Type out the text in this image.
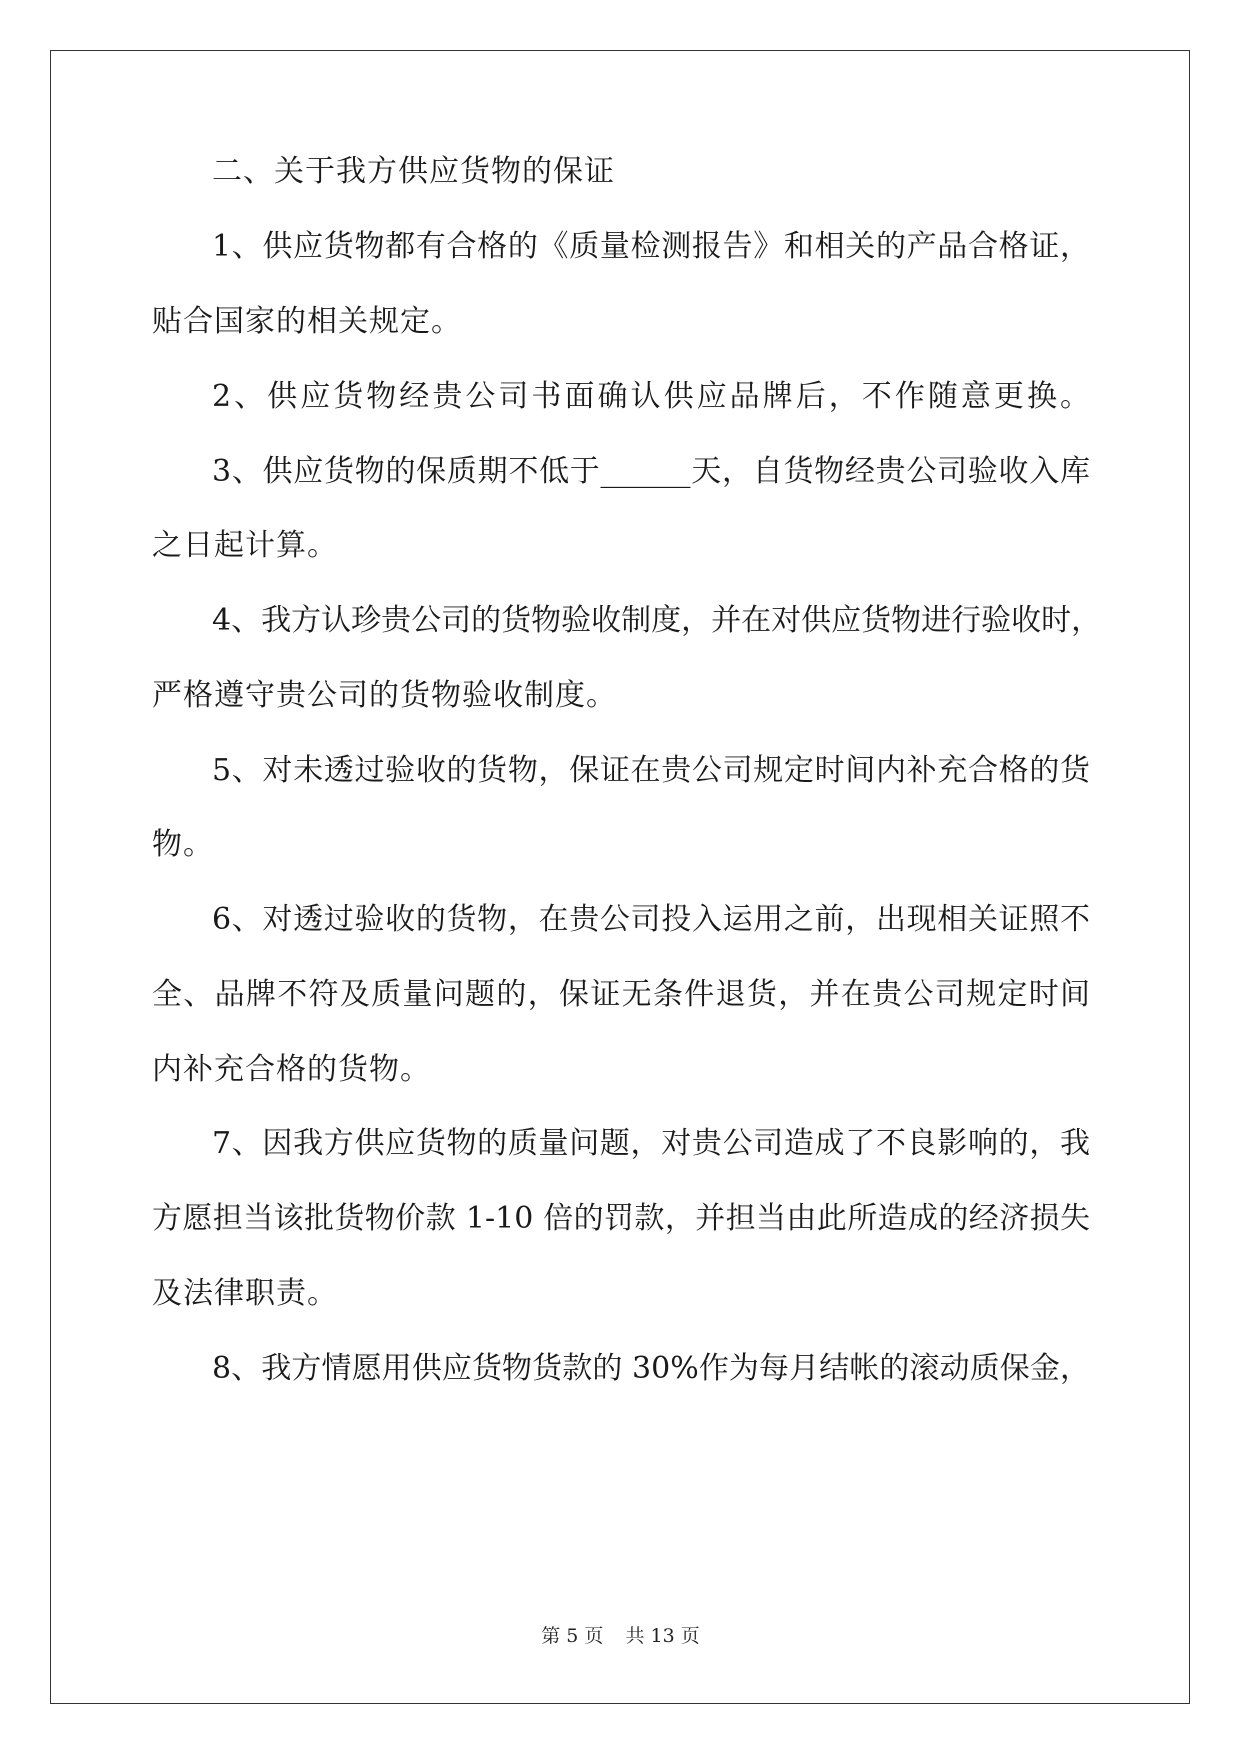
二、关于我方供应货物的保证
1、供应货物都有合格的《质量检测报告》和相关的产品合格证，
贴合国家的相关规定。
2、供应货物经贵公司书面确认供应品牌后，不作随意更换。
3、供应货物的保质期不低于______天，自货物经贵公司验收入库
之日起计算。
4、我方认珍贵公司的货物验收制度，并在对供应货物进行验收时，
严格遵守贵公司的货物验收制度。
5、对未透过验收的货物，保证在贵公司规定时间内补充合格的货
物。
6、对透过验收的货物，在贵公司投入运用之前，出现相关证照不
全、品牌不符及质量问题的，保证无条件退货，并在贵公司规定时间
内补充合格的货物。
7、因我方供应货物的质量问题，对贵公司造成了不良影响的，我
方愿担当该批货物价款 1-10 倍的罚款，并担当由此所造成的经济损失
及法律职责。
8、我方情愿用供应货物货款的 30%作为每月结帐的滚动质保金，
第 5 页 共 13 页
